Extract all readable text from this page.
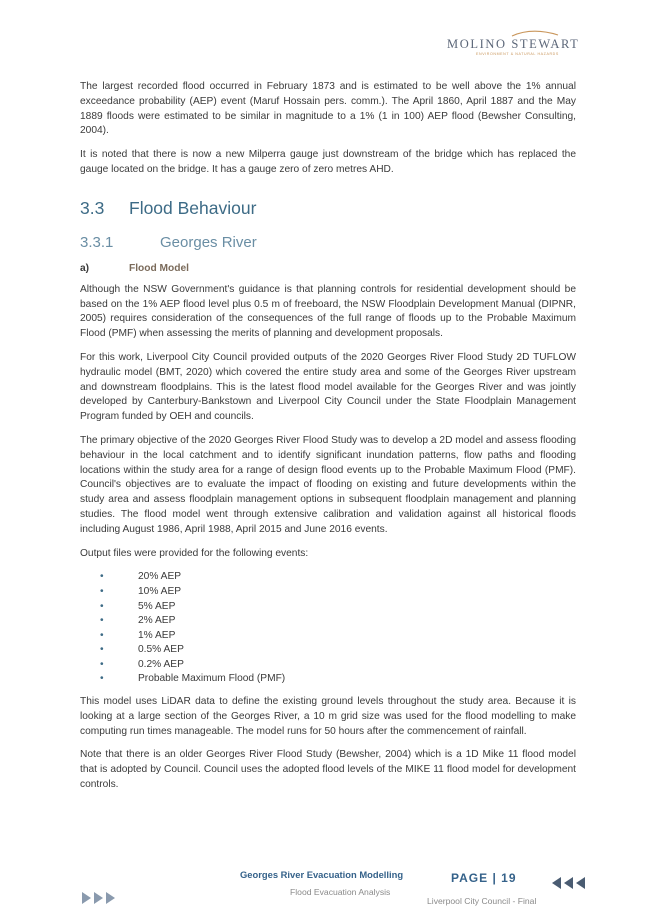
MOLINO STEWART
ENVIRONMENT & NATURAL HAZARDS

The largest recorded flood occurred in February 1873 and is estimated to be well above the 1% annual exceedance probability (AEP) event (Maruf Hossain pers. comm.). The April 1860, April 1887 and the May 1889 floods were estimated to be similar in magnitude to a 1% (1 in 100) AEP flood (Bewsher Consulting, 2004).

It is noted that there is now a new Milperra gauge just downstream of the bridge which has replaced the gauge located on the bridge. It has a gauge zero of zero metres AHD.

3.3	Flood Behaviour
3.3.1	Georges River
a)	Flood Model

Although the NSW Government's guidance is that planning controls for residential development should be based on the 1% AEP flood level plus 0.5 m of freeboard, the NSW Floodplain Development Manual (DIPNR, 2005) requires consideration of the consequences of the full range of floods up to the Probable Maximum Flood (PMF) when assessing the merits of planning and development proposals.

For this work, Liverpool City Council provided outputs of the 2020 Georges River Flood Study 2D TUFLOW hydraulic model (BMT, 2020) which covered the entire study area and some of the Georges River upstream and downstream floodplains. This is the latest flood model available for the Georges River and was jointly developed by Canterbury-Bankstown and Liverpool City Council under the State Floodplain Management Program funded by OEH and councils.

The primary objective of the 2020 Georges River Flood Study was to develop a 2D model and assess flooding behaviour in the local catchment and to identify significant inundation patterns, flow paths and flooding locations within the study area for a range of design flood events up to the Probable Maximum Flood (PMF). Council's objectives are to evaluate the impact of flooding on existing and future developments within the study area and assess floodplain management options in subsequent floodplain management and planning studies. The flood model went through extensive calibration and validation against all historical floods including August 1986, April 1988, April 2015 and June 2016 events.

Output files were provided for the following events:

•	20% AEP
•	10% AEP
•	5% AEP
•	2% AEP
•	1% AEP
•	0.5% AEP
•	0.2% AEP
•	Probable Maximum Flood (PMF)

This model uses LiDAR data to define the existing ground levels throughout the study area. Because it is looking at a large section of the Georges River, a 10 m grid size was used for the flood modelling to make computing run times manageable. The model runs for 50 hours after the commencement of rainfall.

Note that there is an older Georges River Flood Study (Bewsher, 2004) which is a 1D Mike 11 flood model that is adopted by Council. Council uses the adopted flood levels of the MIKE 11 flood model for development controls.

Georges River Evacuation Modelling	PAGE | 19
Flood Evacuation Analysis
Liverpool City Council - Final
